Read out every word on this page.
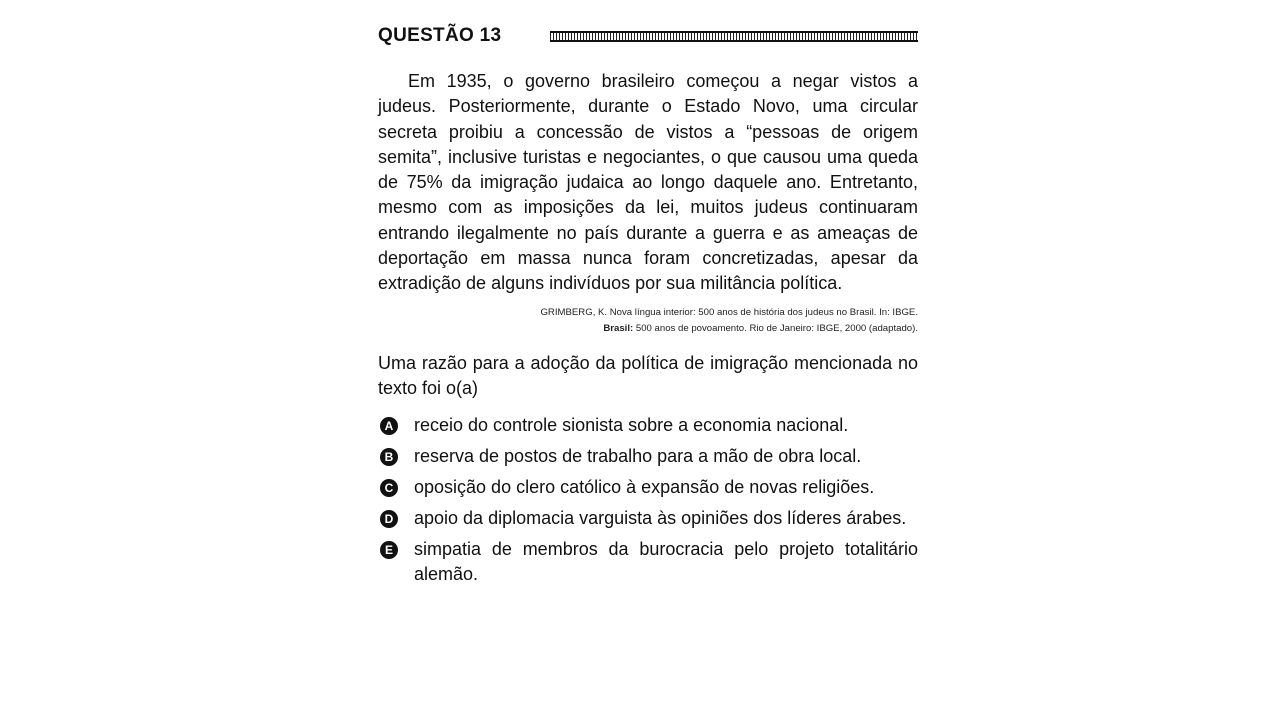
QUESTÃO 13
Em 1935, o governo brasileiro começou a negar vistos a judeus. Posteriormente, durante o Estado Novo, uma circular secreta proibiu a concessão de vistos a “pessoas de origem semita”, inclusive turistas e negociantes, o que causou uma queda de 75% da imigração judaica ao longo daquele ano. Entretanto, mesmo com as imposições da lei, muitos judeus continuaram entrando ilegalmente no país durante a guerra e as ameaças de deportação em massa nunca foram concretizadas, apesar da extradição de alguns indivíduos por sua militância política.
GRIMBERG, K. Nova língua interior: 500 anos de história dos judeus no Brasil. In: IBGE.
Brasil: 500 anos de povoamento. Rio de Janeiro: IBGE, 2000 (adaptado).
Uma razão para a adoção da política de imigração mencionada no texto foi o(a)
A receio do controle sionista sobre a economia nacional.
B reserva de postos de trabalho para a mão de obra local.
C oposição do clero católico à expansão de novas religiões.
D apoio da diplomacia varguista às opiniões dos líderes árabes.
E simpatia de membros da burocracia pelo projeto totalitário alemão.
